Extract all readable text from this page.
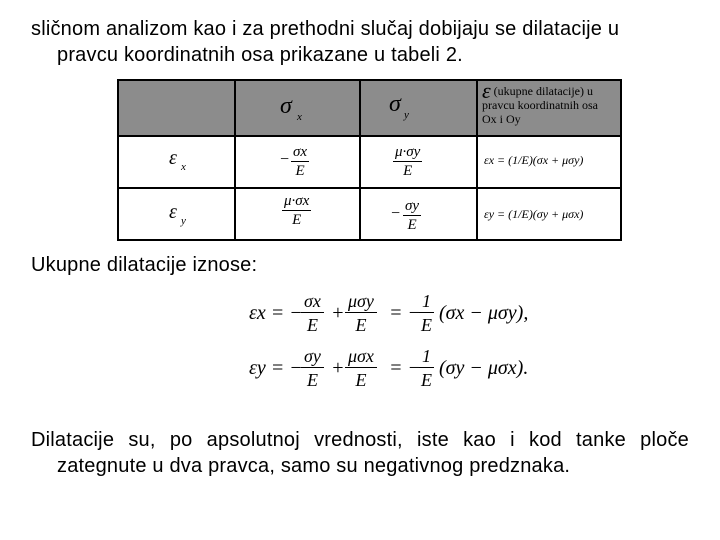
sličnom analizom kao i za prethodni slučaj dobijaju se dilatacije u
pravcu koordinatnih osa prikazane u tabeli 2.

	σ x	σ y	ε (ukupne dilatacije) u
pravcu koordinatnih osa
Ox i Oy

ε x	− $\frac{\sigma x}{E}$	$\frac{\mu\cdot\sigma y}{E}$	εx = (1/E)(σx + μσy)

ε y	$\frac{\mu\cdot\sigma x}{E}$	− $\frac{\sigma y}{E}$	εy = (1/E)(σy + μσx)
Ukupne dilatacije iznose:
εx = −
σx
E
+
μσy
E
= −
1
E
(σx − μσy),
εy = −
σy
E
+
μσx
E
= −
1
E
(σy − μσx).
Dilatacije su, po apsolutnoj vrednosti, iste kao i kod tanke ploče
zategnute u dva pravca, samo su negativnog predznaka.
